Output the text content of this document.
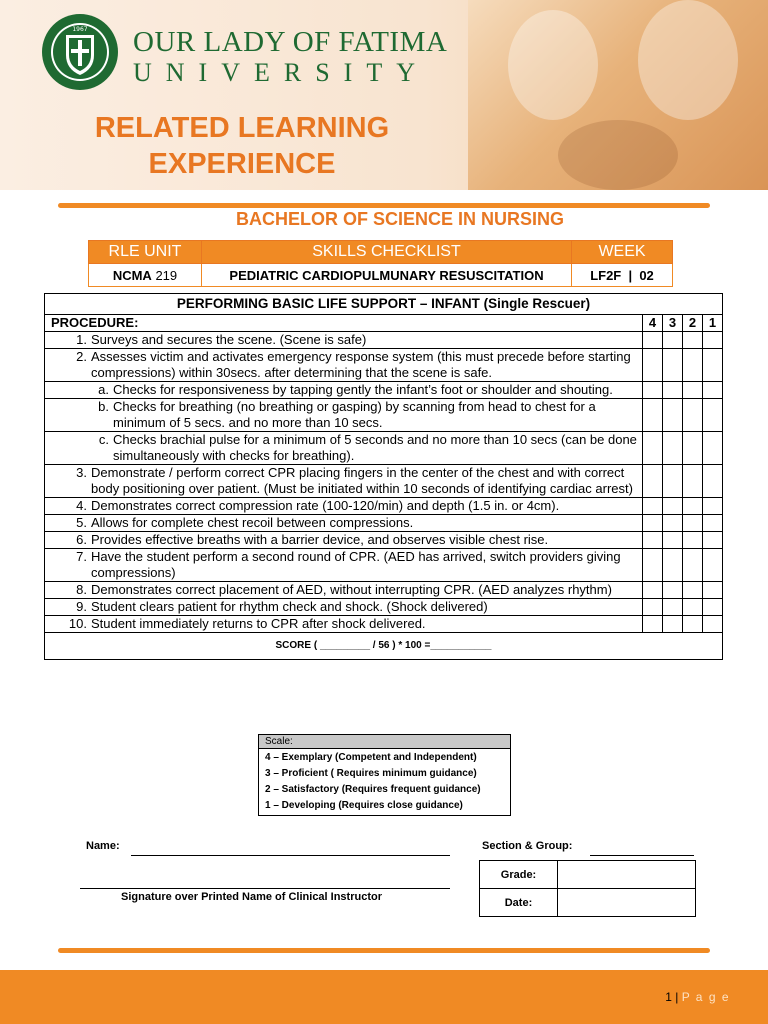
1967 OUR LADY OF FATIMA
UNIVERSITY
RELATED LEARNING
EXPERIENCE
BACHELOR OF SCIENCE IN NURSING
RLE UNIT	SKILLS CHECKLIST	WEEK
NCMA 219	PEDIATRIC CARDIOPULMUNARY RESUSCITATION	LF2F  |  02
PERFORMING BASIC LIFE SUPPORT – INFANT (Single Rescuer)				
PROCEDURE:	4	3	2	1

1. Surveys and secures the scene. (Scene is safe)				

2. Assesses victim and activates emergency response system (this must precede before starting compressions) within 30secs. after determining that the scene is safe.				

a. Checks for responsiveness by tapping gently the infant’s foot or shoulder and shouting.				

b. Checks for breathing (no breathing or gasping) by scanning from head to chest for a minimum of 5 secs. and no more than 10 secs.				

c. Checks brachial pulse for a minimum of 5 seconds and no more than 10 secs (can be done simultaneously with checks for breathing).				

3. Demonstrate / perform correct CPR placing fingers in the center of the chest and with correct body positioning over patient. (Must be initiated within 10 seconds of identifying cardiac arrest)				

4. Demonstrates correct compression rate (100-120/min) and depth (1.5 in. or 4cm).				

5. Allows for complete chest recoil between compressions.				

6. Provides effective breaths with a barrier device, and observes visible chest rise.				

7. Have the student perform a second round of CPR. (AED has arrived, switch providers giving compressions)				

8. Demonstrates correct placement of AED, without interrupting CPR. (AED analyzes rhythm)				

9. Student clears patient for rhythm check and shock. (Shock delivered)				

10. Student immediately returns to CPR after shock delivered.				

SCORE ( _________ / 56 ) * 100 =___________				
Scale:

4 – Exemplary (Competent and Independent)
3 – Proficient ( Requires minimum guidance)
2 – Satisfactory (Requires frequent guidance)
1 – Developing (Requires close guidance)
Name:	Section & Group:
Signature over Printed Name of Clinical Instructor
Grade:	
Date:	
1 | P a g e
